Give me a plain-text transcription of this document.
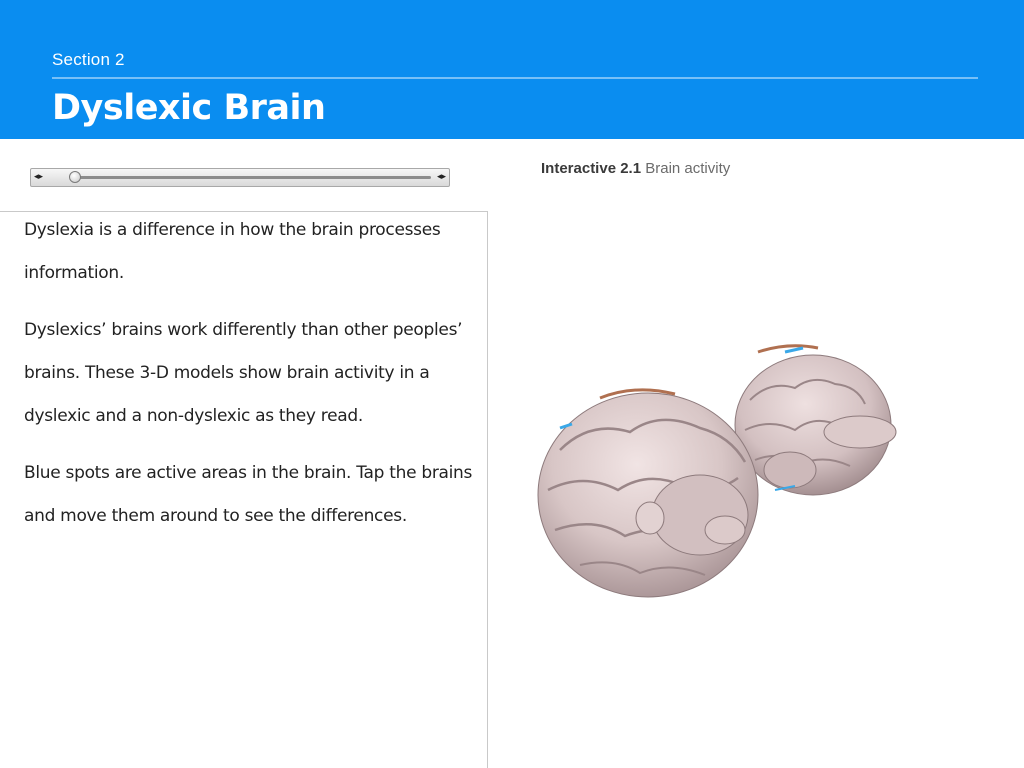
Section 2
Dyslexic Brain
◂▸	◂▸

Dyslexia is a difference in how the brain processes information.

Dyslexics’ brains work differently than other peoples’ brains. These 3-D models show brain activity in a dyslexic and a non-dyslexic as they read.

Blue spots are active areas in the brain. Tap the brains and move them around to see the differences.

Interactive 2.1 Brain activity
